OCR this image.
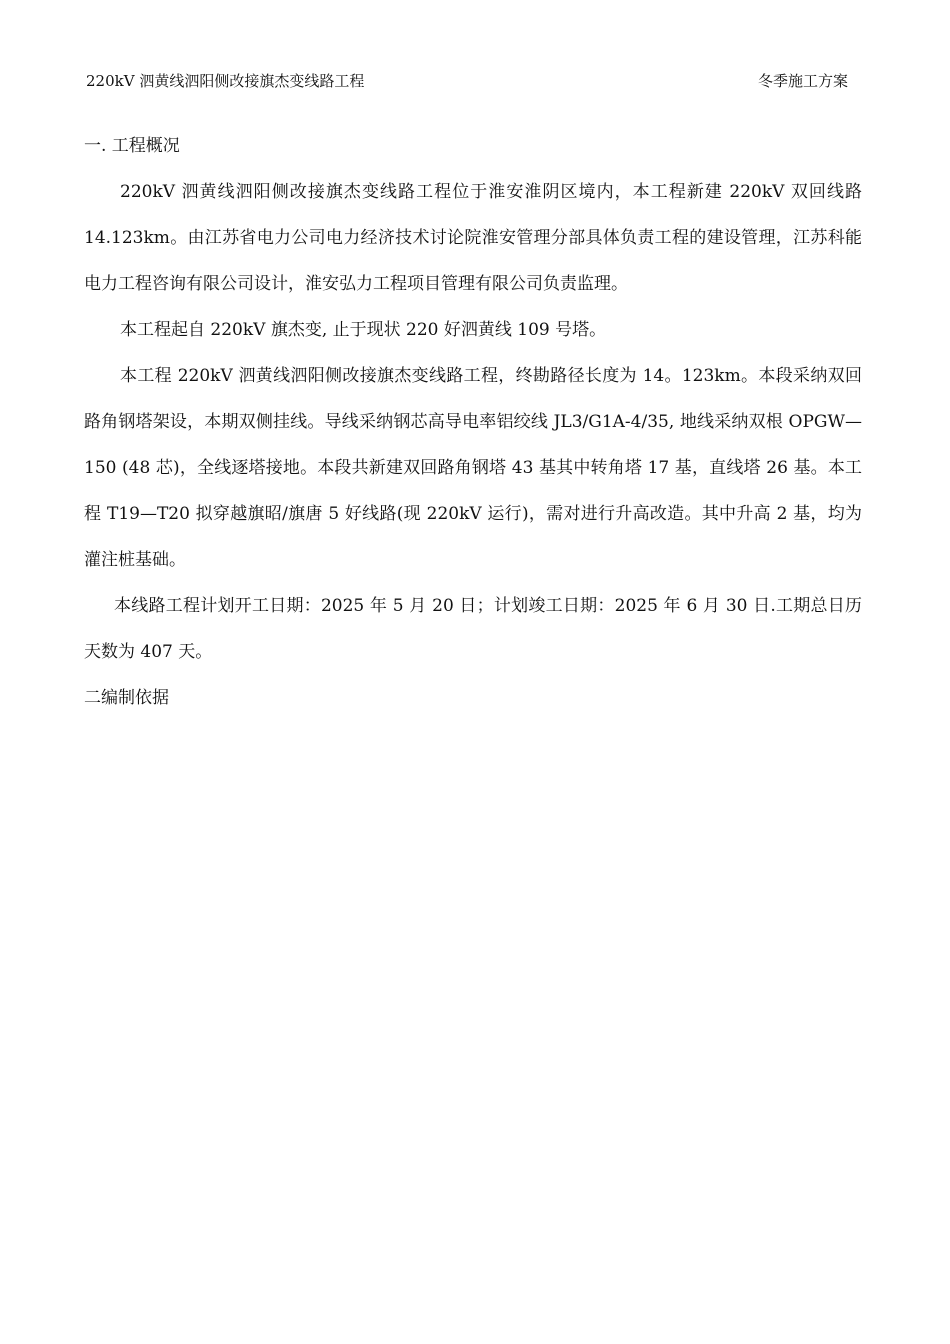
220kV 泗黄线泗阳侧改接旗杰变线路工程	冬季施工方案
一. 工程概况

220kV 泗黄线泗阳侧改接旗杰变线路工程位于淮安淮阴区境内，本工程新建 220kV 双回线路 14.123km。由江苏省电力公司电力经济技术讨论院淮安管理分部具体负责工程的建设管理，江苏科能电力工程咨询有限公司设计，淮安弘力工程项目管理有限公司负责监理。

本工程起自 220kV 旗杰变, 止于现状 220 好泗黄线 109 号塔。

本工程 220kV 泗黄线泗阳侧改接旗杰变线路工程，终勘路径长度为 14。123km。本段采纳双回路角钢塔架设，本期双侧挂线。导线采纳钢芯高导电率铝绞线 JL3/G1A-4/35, 地线采纳双根 OPGW—150 (48 芯)，全线逐塔接地。本段共新建双回路角钢塔 43 基其中转角塔 17 基，直线塔 26 基。本工程 T19—T20 拟穿越旗昭/旗唐 5 好线路(现 220kV 运行)，需对进行升高改造。其中升高 2 基，均为灌注桩基础。

本线路工程计划开工日期：2025 年 5 月 20 日；计划竣工日期：2025 年 6 月 30 日.工期总日历天数为 407 天。

二编制依据
